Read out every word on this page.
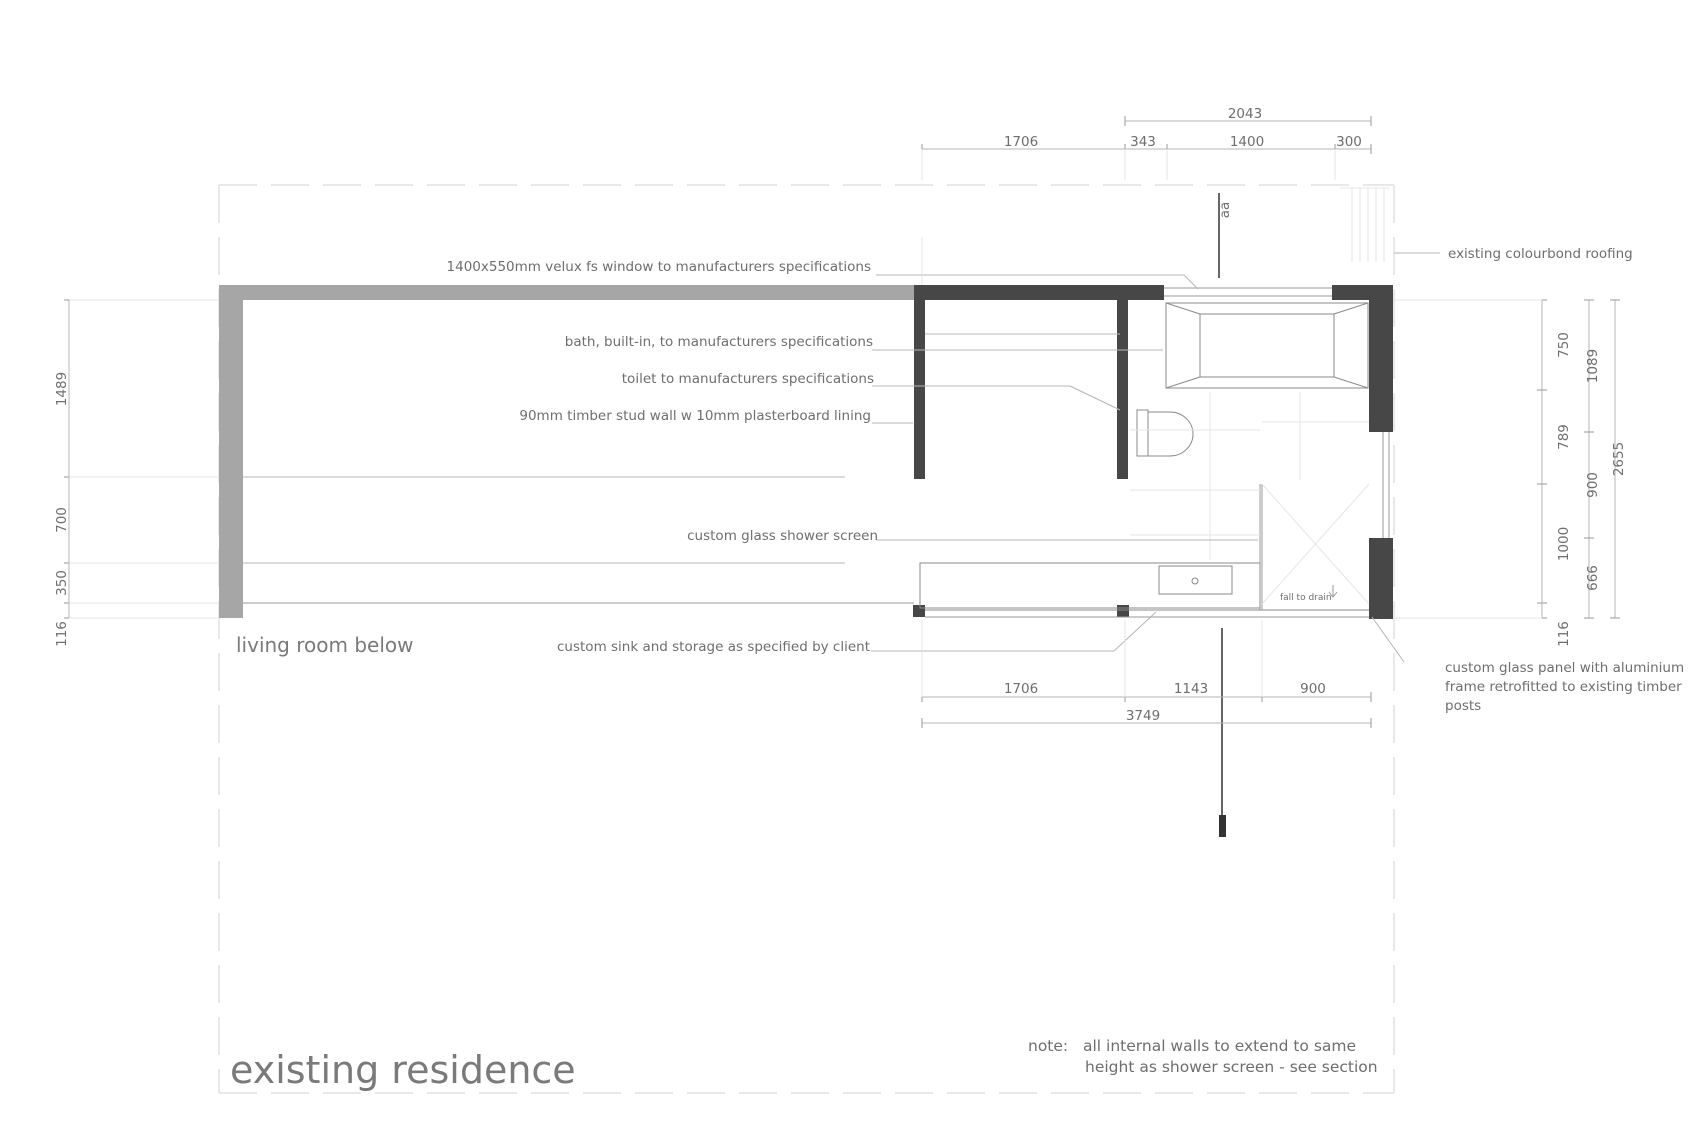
2043
1706	343	1400	300
1706	1143	900
3749
1489
700
350
116
750
789
1000
116
1089
900
666
2655
1400x550mm velux fs window to manufacturers specifications
bath, built-in, to manufacturers specifications
toilet to manufacturers specifications
90mm timber stud wall w 10mm plasterboard lining
custom glass shower screen
custom sink and storage as specified by client
existing colourbond roofing
custom glass panel with aluminium
frame retrofitted to existing timber
posts
fall to drain
aa
living room below
existing residence
note: all internal walls to extend to same
height as shower screen - see section
